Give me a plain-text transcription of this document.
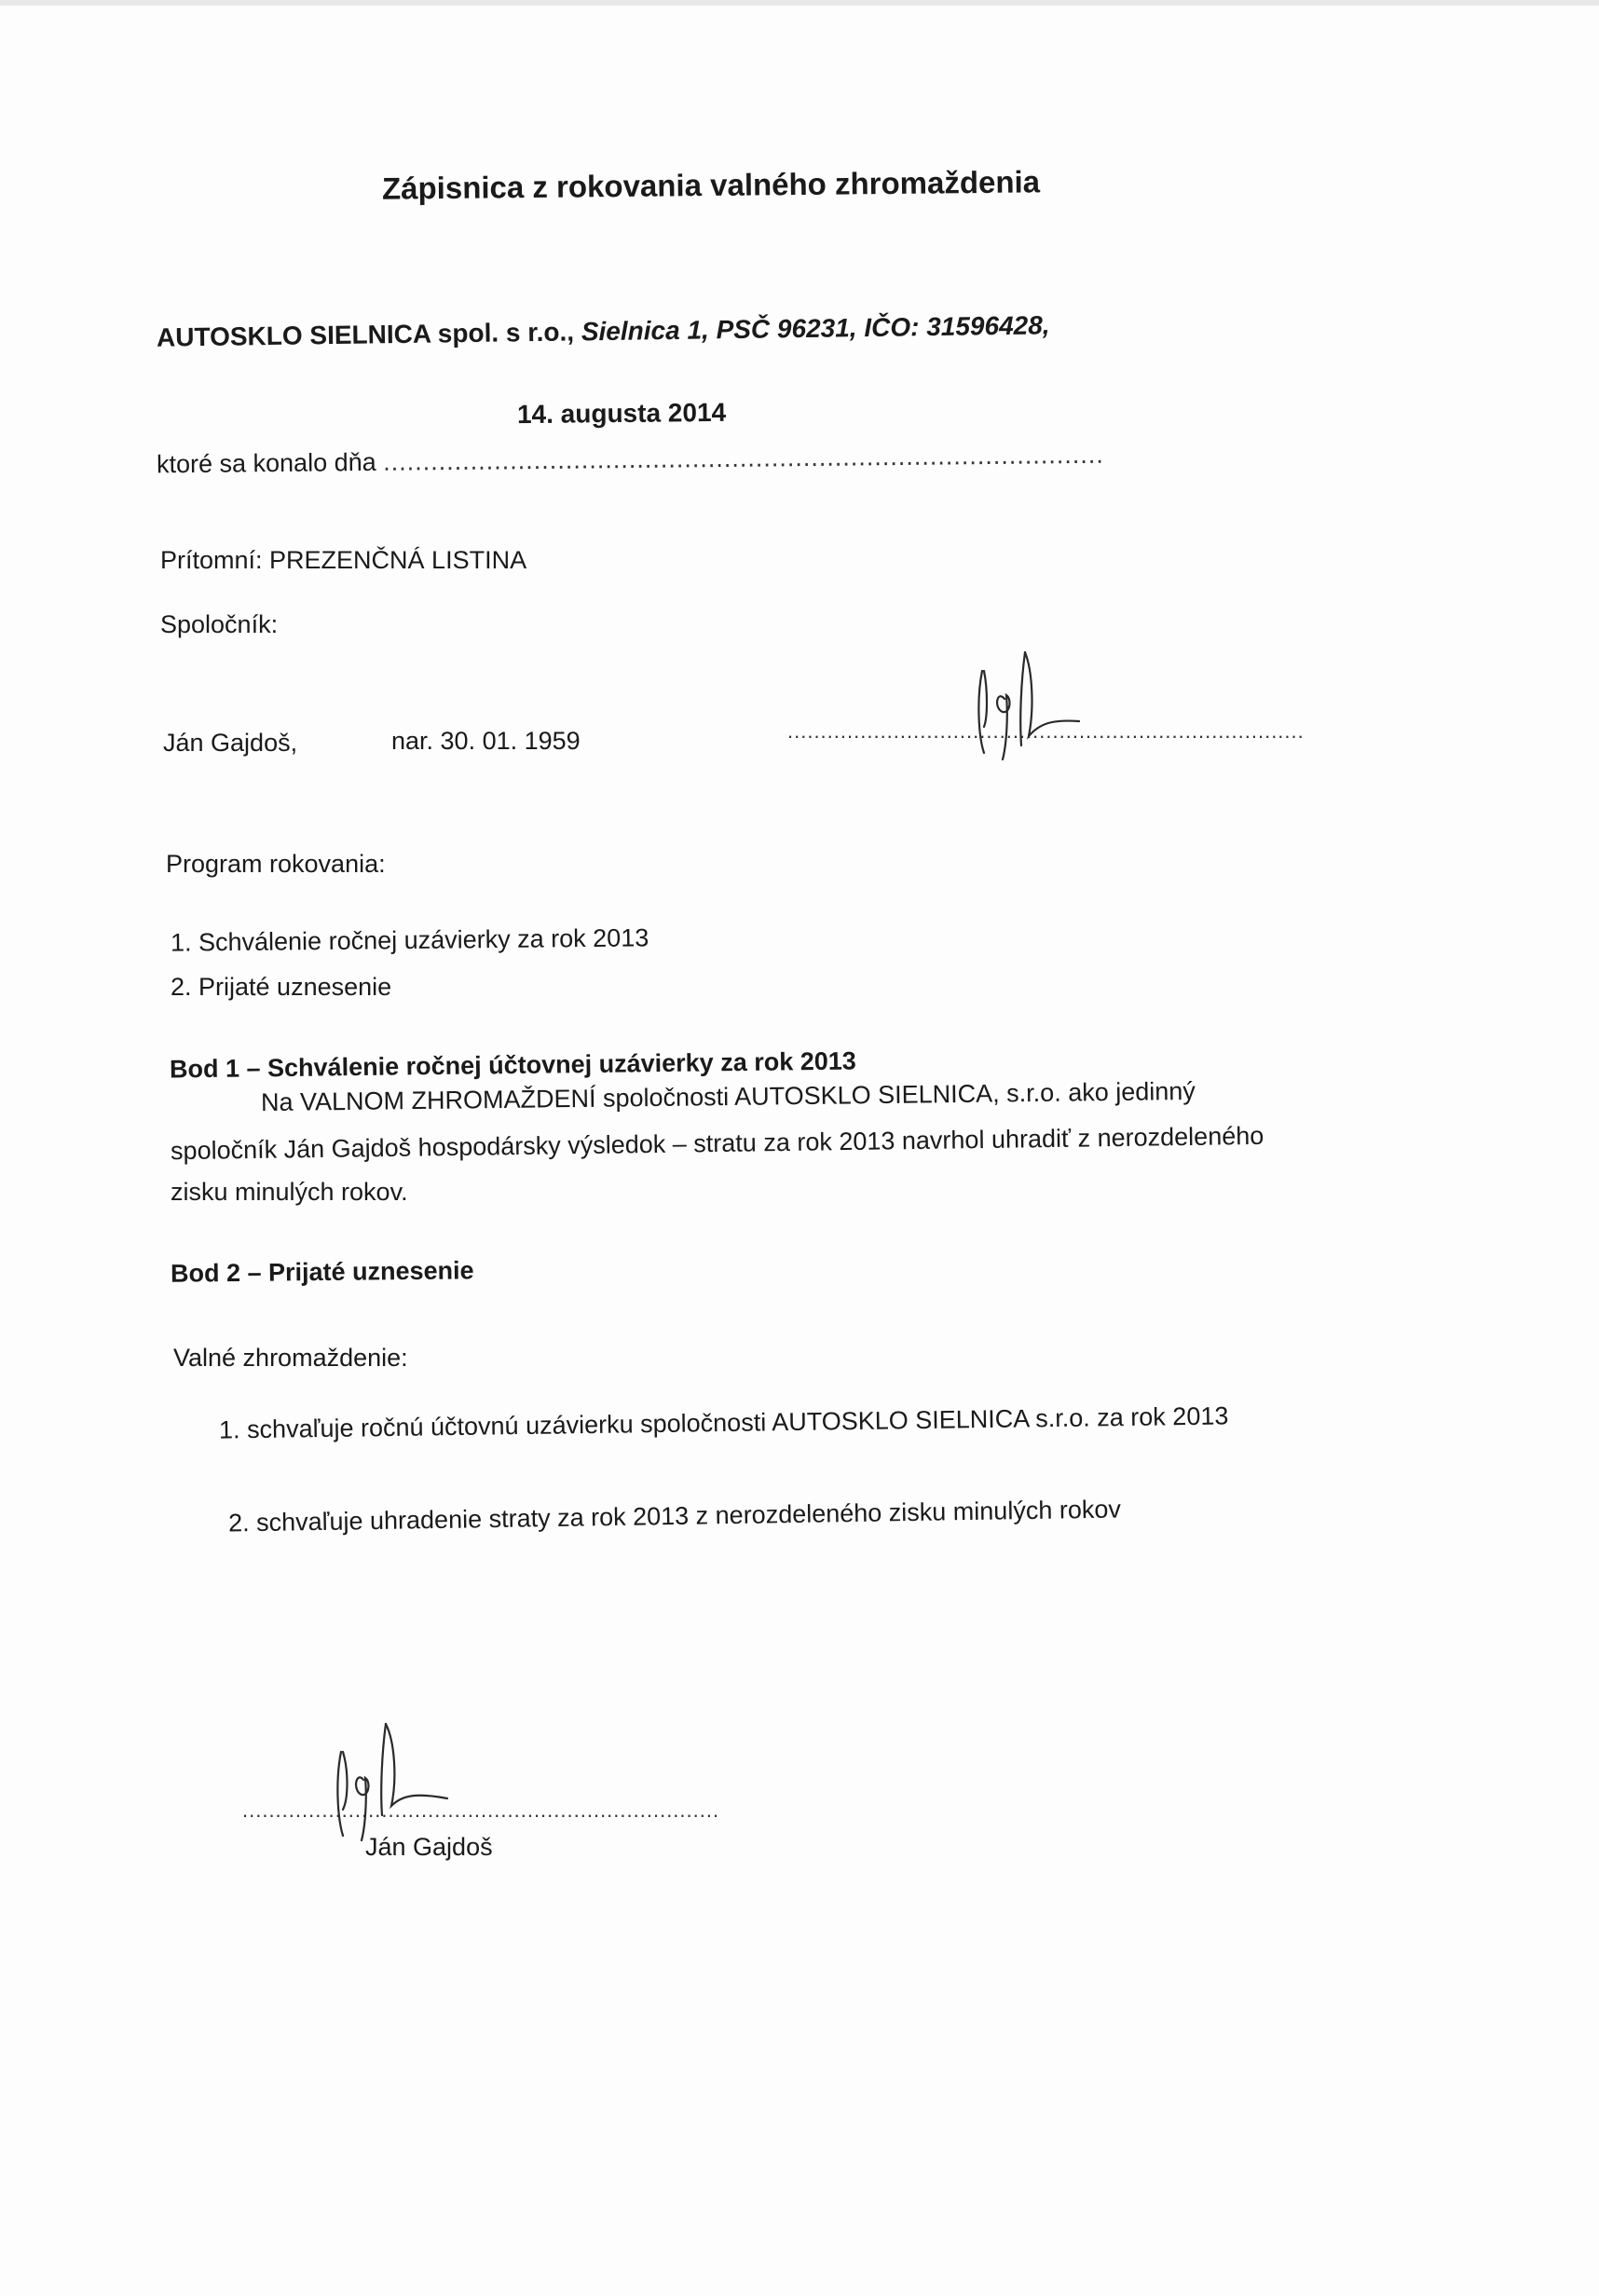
Zápisnica z rokovania valného zhromaždenia
AUTOSKLO SIELNICA spol. s r.o., Sielnica 1, PSČ 96231, IČO: 31596428,
14. augusta 2014
ktoré sa konalo dňa ...........................................................................................
Prítomní: PREZENČNÁ LISTINA
Spoločník:
Ján Gajdoš,	nar. 30. 01. 1959	..............................................................................
Program rokovania:
1. Schválenie ročnej uzávierky za rok 2013
2. Prijaté uznesenie
Bod 1 – Schválenie ročnej účtovnej uzávierky za rok 2013
Na VALNOM ZHROMAŽDENÍ spoločnosti AUTOSKLO SIELNICA, s.r.o. ako jedinný
spoločník Ján Gajdoš hospodársky výsledok – stratu za rok 2013 navrhol uhradiť z nerozdeleného
zisku minulých rokov.
Bod 2 – Prijaté uznesenie
Valné zhromaždenie:
1. schvaľuje ročnú účtovnú uzávierku spoločnosti AUTOSKLO SIELNICA s.r.o. za rok 2013
2. schvaľuje uhradenie straty za rok 2013 z nerozdeleného zisku minulých rokov
........................................................................
Ján Gajdoš
